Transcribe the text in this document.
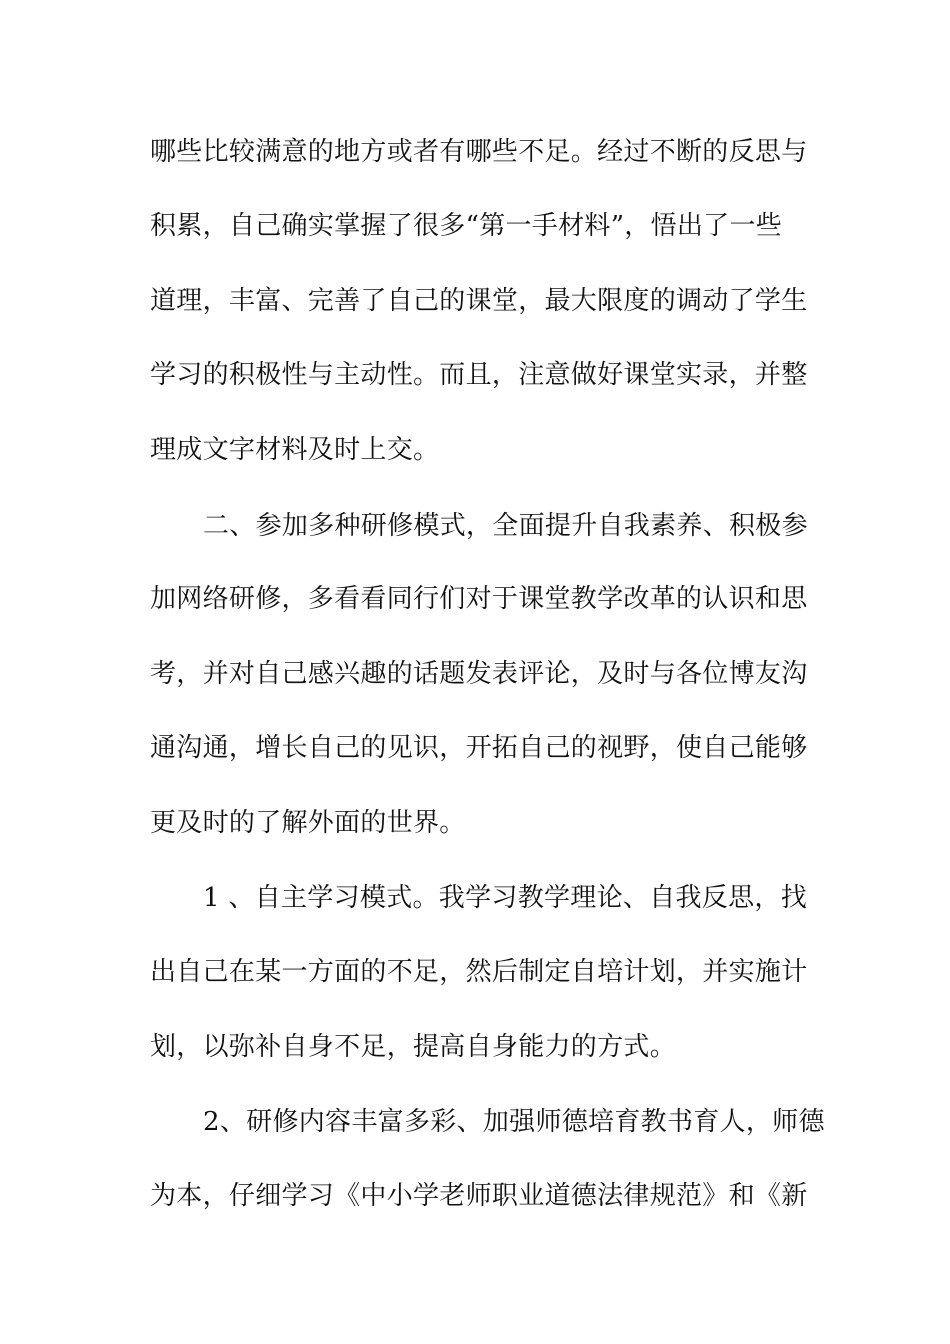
哪些比较满意的地方或者有哪些不足。经过不断的反思与
积累，自己确实掌握了很多“第一手材料”，悟出了一些
道理，丰富、完善了自己的课堂，最大限度的调动了学生
学习的积极性与主动性。而且，注意做好课堂实录，并整
理成文字材料及时上交。
二、参加多种研修模式，全面提升自我素养、积极参
加网络研修，多看看同行们对于课堂教学改革的认识和思
考，并对自己感兴趣的话题发表评论，及时与各位博友沟
通沟通，增长自己的见识，开拓自己的视野，使自己能够
更及时的了解外面的世界。
1 、自主学习模式。我学习教学理论、自我反思，找
出自己在某一方面的不足，然后制定自培计划，并实施计
划，以弥补自身不足，提高自身能力的方式。
2、研修内容丰富多彩、加强师德培育教书育人，师德
为本，仔细学习《中小学老师职业道德法律规范》和《新
